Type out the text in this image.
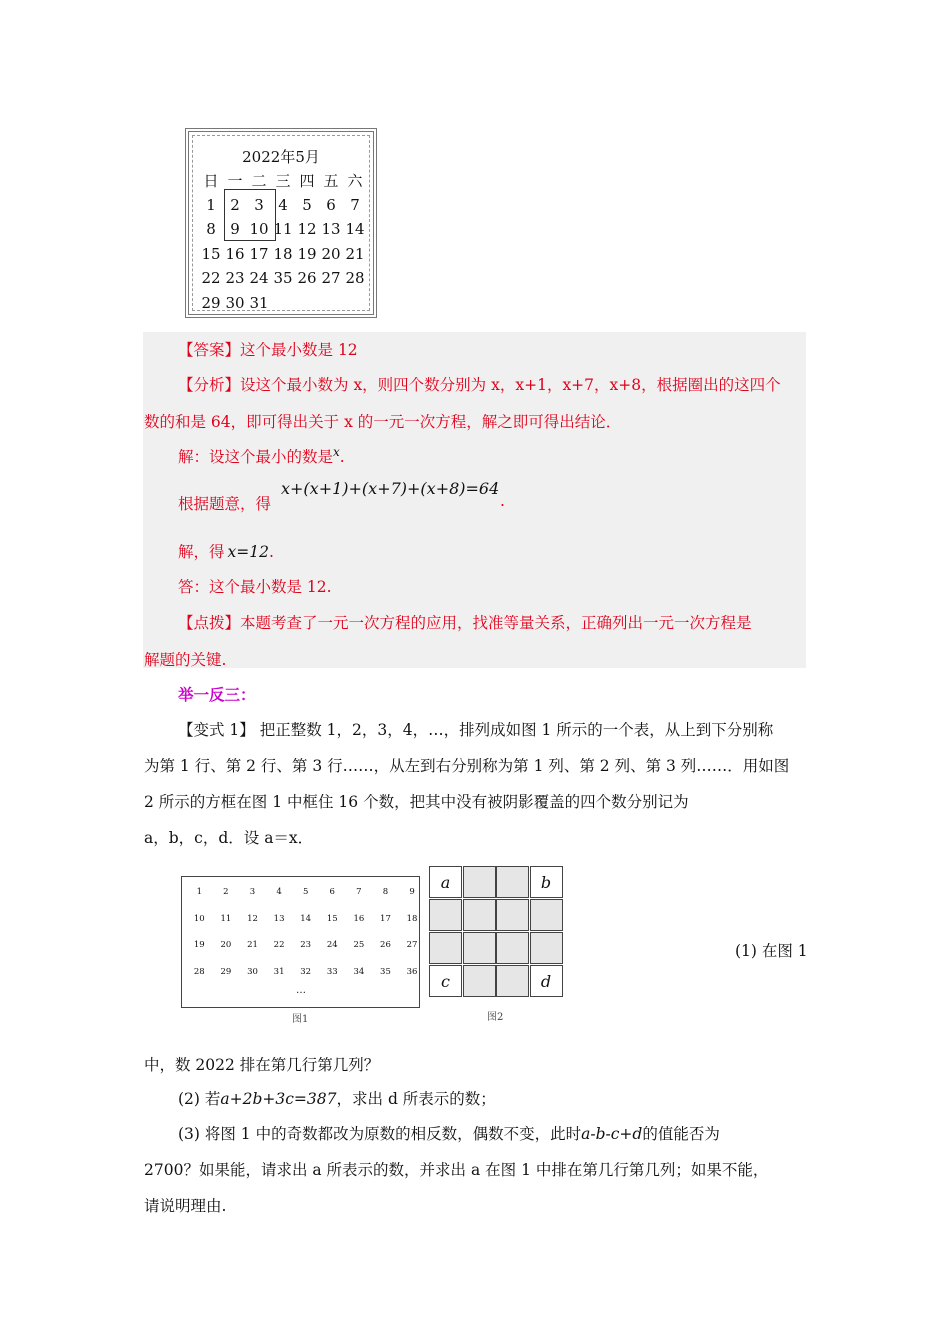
2022年5月
日 一 二 三 四 五 六
1 2 3 4 5 6 7
8 9 10 11 12 13 14
15 16 17 18 19 20 21
22 23 24 35 26 27 28
29 30 31
【答案】这个最小数是 12
【分析】设这个最小数为 x，则四个数分别为 x，x+1，x+7，x+8，根据圈出的这四个
数的和是 64，即可得出关于 x 的一元一次方程，解之即可得出结论．
解：设这个最小的数是$^x$.
根据题意，得
x+(x+1)+(x+7)+(x+8)=64
.
解，得 x=12.
答：这个最小数是 12.
【点拨】本题考查了一元一次方程的应用，找准等量关系，正确列出一元一次方程是
解题的关键.
举一反三：
【变式 1】 把正整数 1，2，3，4，…，排列成如图 1 所示的一个表，从上到下分别称
为第 1 行、第 2 行、第 3 行……，从左到右分别称为第 1 列、第 2 列、第 3 列……．用如图
2 所示的方框在图 1 中框住 16 个数，把其中没有被阴影覆盖的四个数分别记为
a，b，c，d．设 a＝x．
1	2	3	4	5	6	7	8	9
10	11	12	13	14	15	16	17	18
19	20	21	22	23	24	25	26	27
28	29	30	31	32	33	34	35	36
…
图1
a	b
c	d
图2
(1) 在图 1
中，数 2022 排在第几行第几列？
(2) 若a+2b+3c=387，求出 d 所表示的数；
(3) 将图 1 中的奇数都改为原数的相反数，偶数不变，此时a-b-c+d的值能否为
2700？如果能，请求出 a 所表示的数，并求出 a 在图 1 中排在第几行第几列；如果不能，
请说明理由.
